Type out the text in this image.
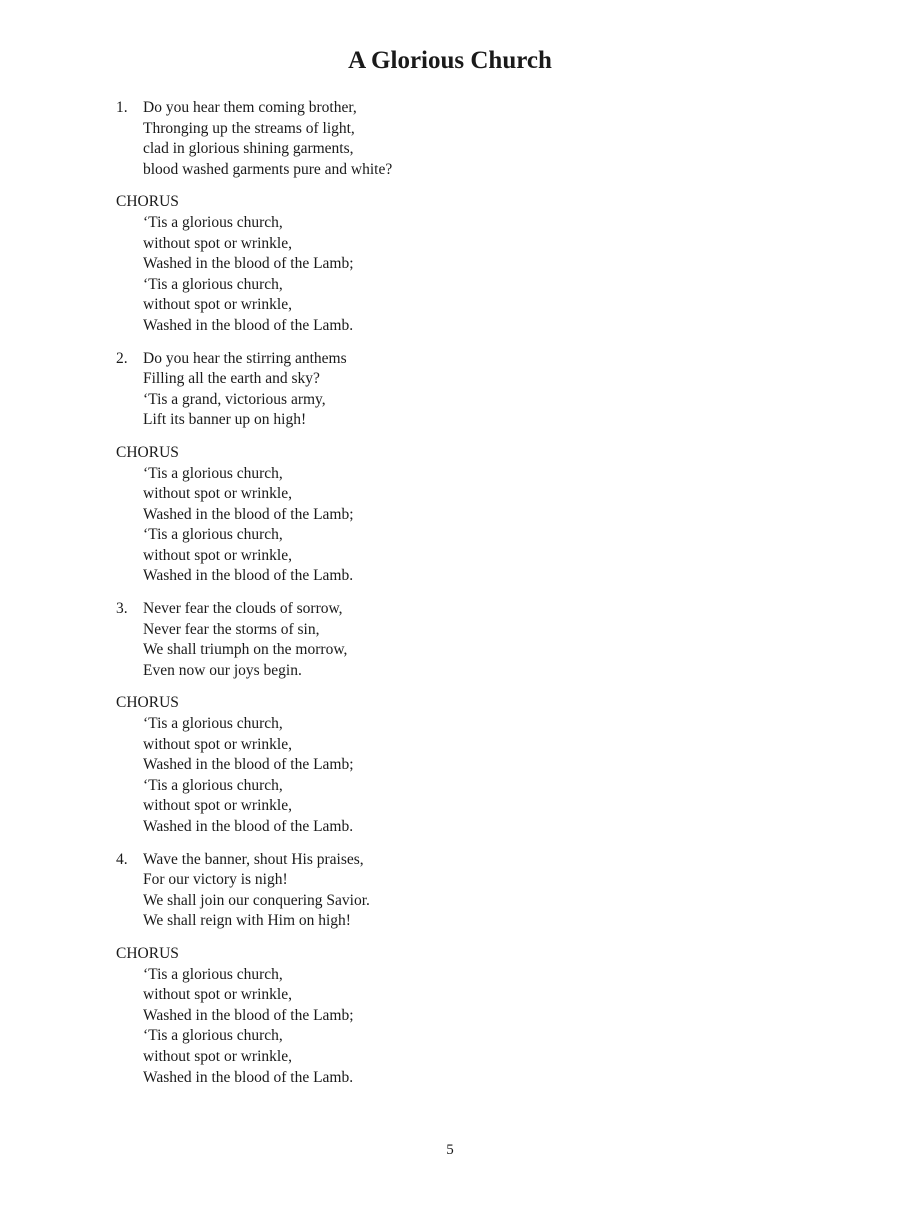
A Glorious Church
1. Do you hear them coming brother,
Thronging up the streams of light,
clad in glorious shining garments,
blood washed garments pure and white?
CHORUS
‘Tis a glorious church,
without spot or wrinkle,
Washed in the blood of the Lamb;
‘Tis a glorious church,
without spot or wrinkle,
Washed in the blood of the Lamb.
2. Do you hear the stirring anthems
Filling all the earth and sky?
‘Tis a grand, victorious army,
Lift its banner up on high!
CHORUS
‘Tis a glorious church,
without spot or wrinkle,
Washed in the blood of the Lamb;
‘Tis a glorious church,
without spot or wrinkle,
Washed in the blood of the Lamb.
3. Never fear the clouds of sorrow,
Never fear the storms of sin,
We shall triumph on the morrow,
Even now our joys begin.
CHORUS
‘Tis a glorious church,
without spot or wrinkle,
Washed in the blood of the Lamb;
‘Tis a glorious church,
without spot or wrinkle,
Washed in the blood of the Lamb.
4. Wave the banner, shout His praises,
For our victory is nigh!
We shall join our conquering Savior.
We shall reign with Him on high!
CHORUS
‘Tis a glorious church,
without spot or wrinkle,
Washed in the blood of the Lamb;
‘Tis a glorious church,
without spot or wrinkle,
Washed in the blood of the Lamb.
5
